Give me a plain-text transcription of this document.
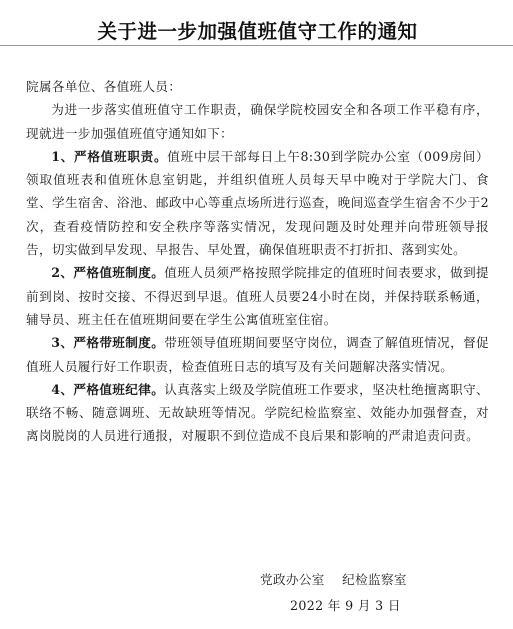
关于进一步加强值班值守工作的通知
院属各单位、各值班人员：

为进一步落实值班值守工作职责，确保学院校园安全和各项工作平稳有序，现就进一步加强值班值守通知如下：

1、严格值班职责。值班中层干部每日上午8:30到学院办公室（009房间）领取值班表和值班休息室钥匙，并组织值班人员每天早中晚对于学院大门、食堂、学生宿舍、浴池、邮政中心等重点场所进行巡查，晚间巡查学生宿舍不少于2次，查看疫情防控和安全秩序等落实情况，发现问题及时处理并向带班领导报告，切实做到早发现、早报告、早处置，确保值班职责不打折扣、落到实处。

2、严格值班制度。值班人员须严格按照学院排定的值班时间表要求，做到提前到岗、按时交接、不得迟到早退。值班人员要24小时在岗，并保持联系畅通，辅导员、班主任在值班期间要在学生公寓值班室住宿。

3、严格带班制度。带班领导值班期间要坚守岗位，调查了解值班情况，督促值班人员履行好工作职责，检查值班日志的填写及有关问题解决落实情况。

4、严格值班纪律。认真落实上级及学院值班工作要求，坚决杜绝擅离职守、联络不畅、随意调班、无故缺班等情况。学院纪检监察室、效能办加强督查，对离岗脱岗的人员进行通报，对履职不到位造成不良后果和影响的严肃追责问责。

党政办公室    纪检监察室
2022 年 9 月 3 日
